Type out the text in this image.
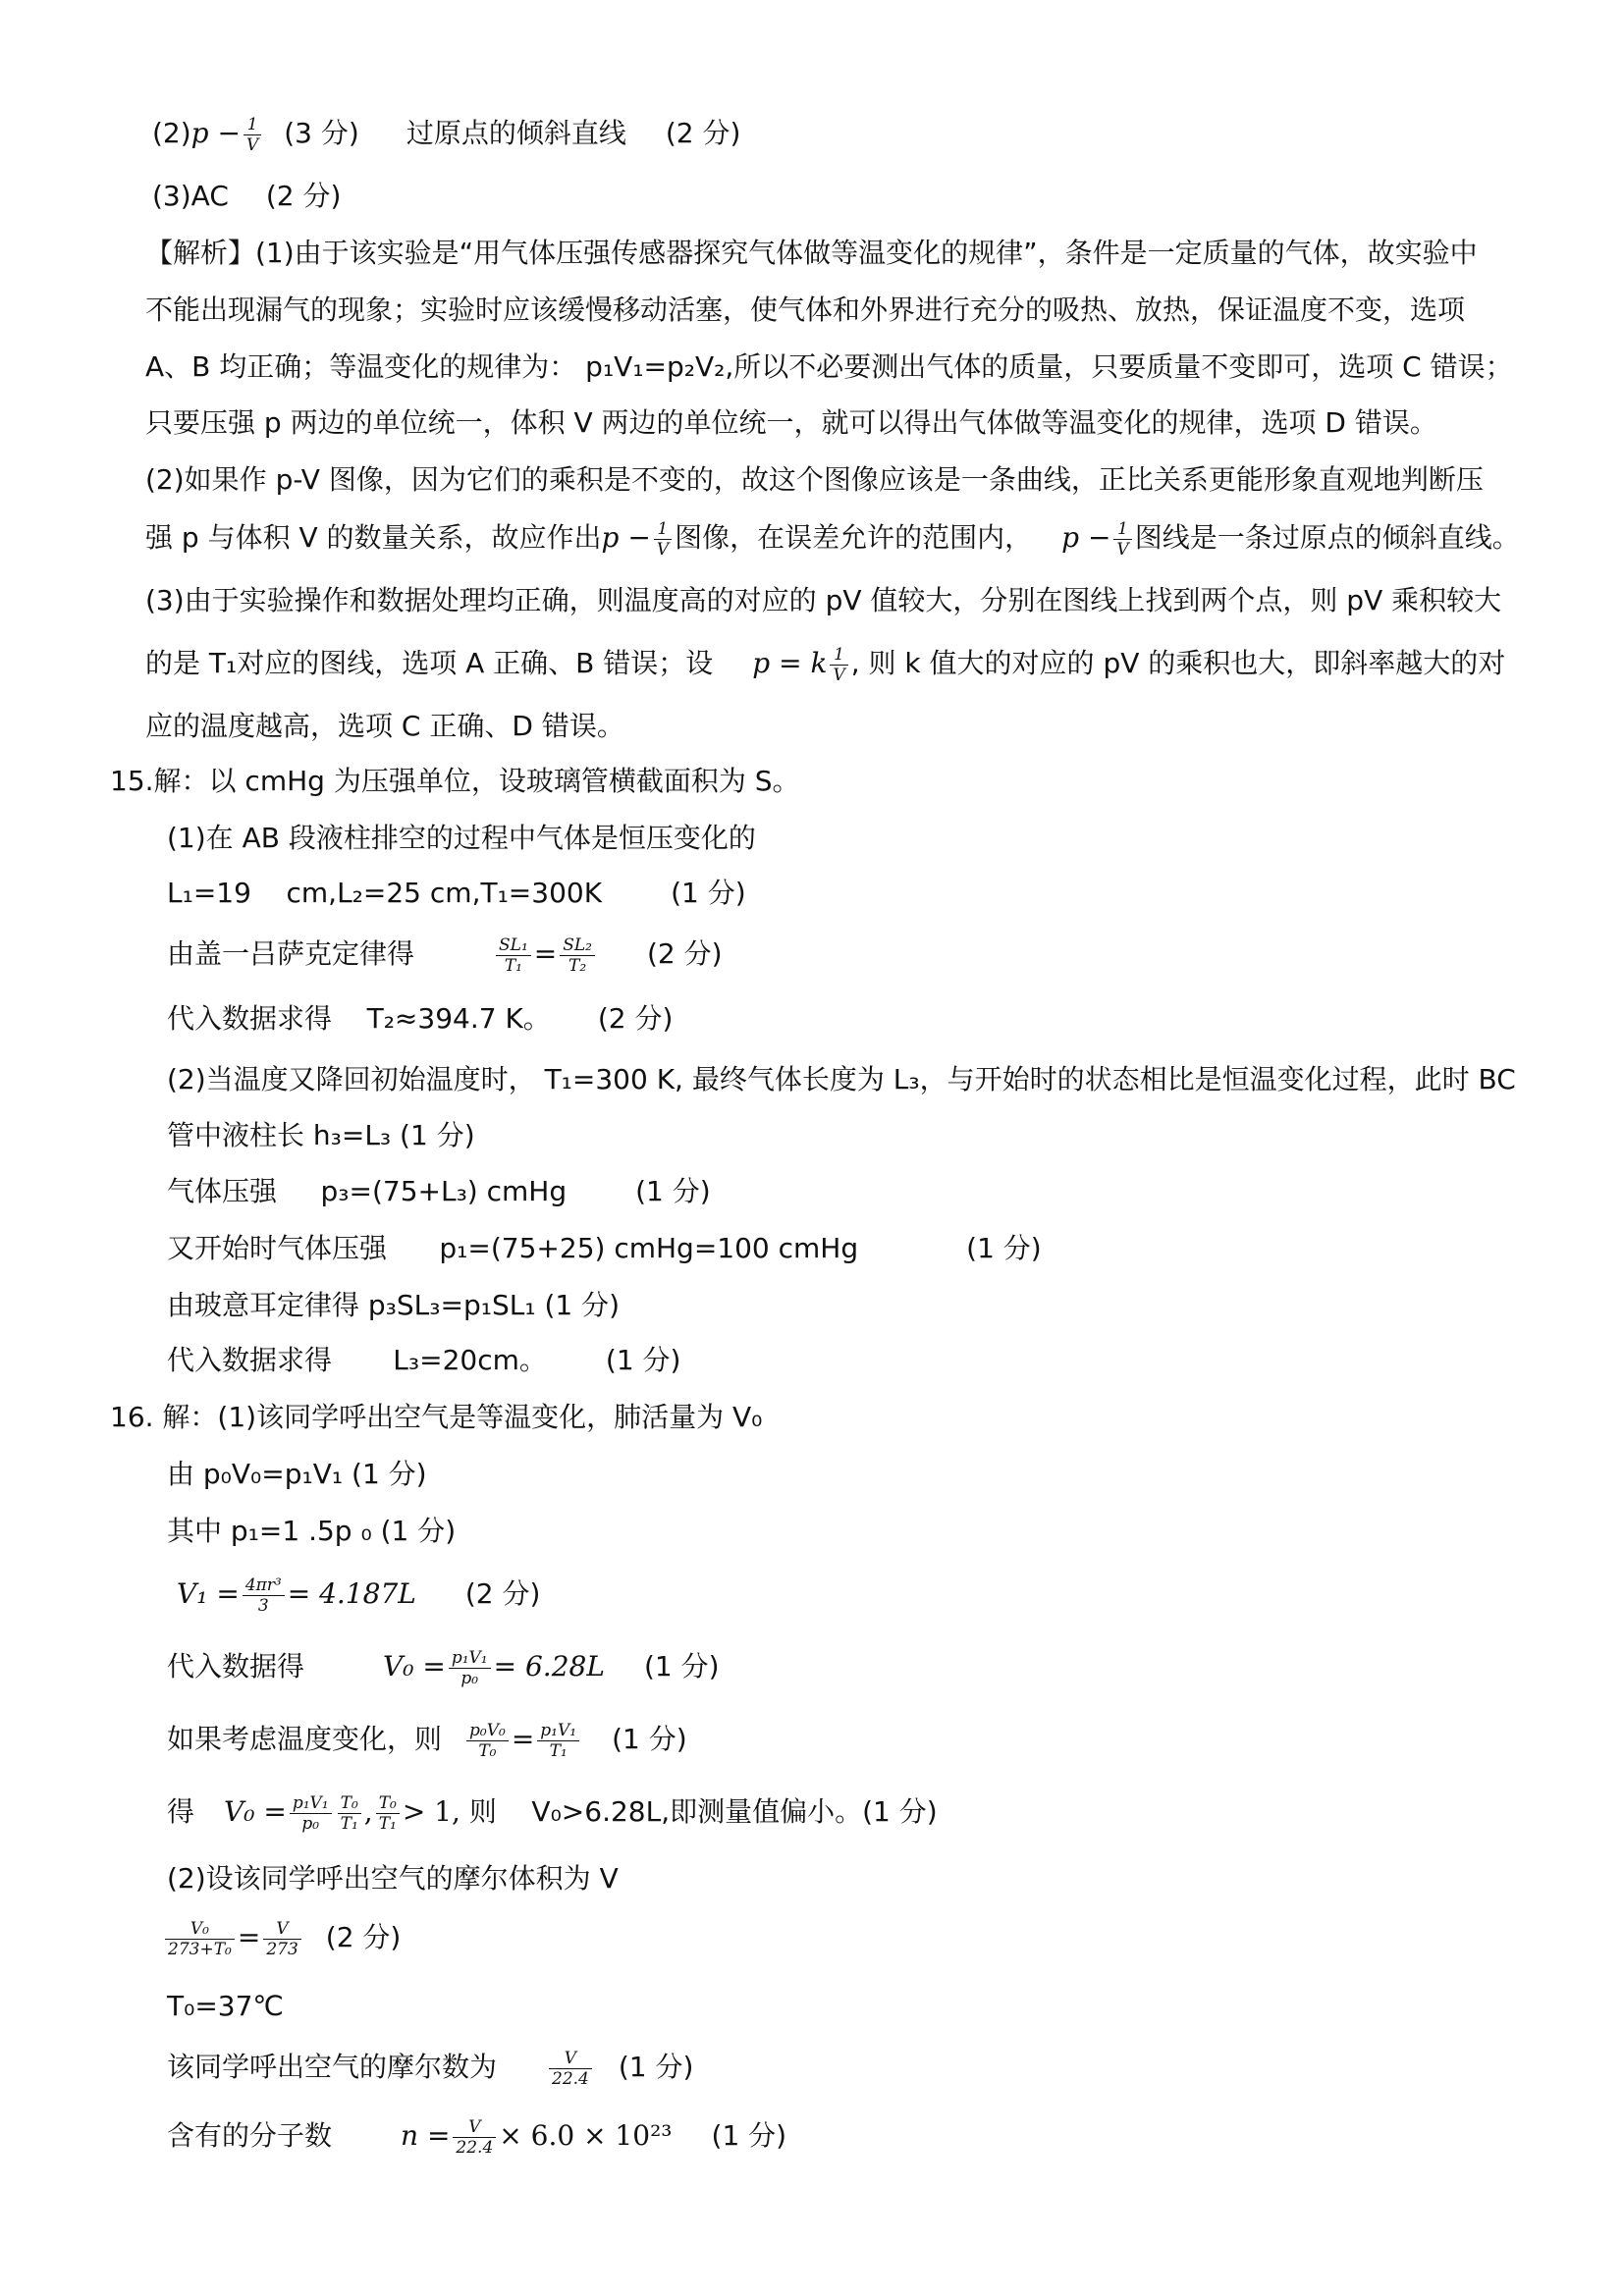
$(2)p - \frac{1}{V} (3$ 分) 过原点的倾斜直线 (2 分)
(3)AC (2 分)
【解析】(1)由于该实验是“用气体压强传感器探究气体做等温变化的规律”，条件是一定质量的气体，故实验中
不能出现漏气的现象；实验时应该缓慢移动活塞，使气体和外界进行充分的吸热、放热，保证温度不变，选项
A、B 均正确；等温变化的规律为： p₁V₁=p₂V₂,所以不必要测出气体的质量，只要质量不变即可，选项 C 错误；
只要压强 p 两边的单位统一，体积 V 两边的单位统一，就可以得出气体做等温变化的规律，选项 D 错误。
(2)如果作 p-V 图像，因为它们的乘积是不变的，故这个图像应该是一条曲线，正比关系更能形象直观地判断压
强 p 与体积 V 的数量关系，故应作出$p - \frac{1}{V}$ 图像，在误差允许的范围内， $p - \frac{1}{V}$ 图线是一条过原点的倾斜直线。
(3)由于实验操作和数据处理均正确，则温度高的对应的 pV 值较大，分别在图线上找到两个点，则 pV 乘积较大
的是 T₁对应的图线，选项 A 正确、B 错误；设 p = k $\frac{1}{V}$ , 则 k 值大的对应的 pV 的乘积也大，即斜率越大的对
应的温度越高，选项 C 正确、D 错误。
15.解：以 cmHg 为压强单位，设玻璃管横截面积为 S。
(1)在 AB 段液柱排空的过程中气体是恒压变化的
L₁=19    cm,L₂=25 cm,T₁=300K	(1 分)
由盖一吕萨克定律得	$\frac{\text{SL₁}}{\text{T₁}} = \frac{\text{SL₂}}{\text{T₂}} (2$ 分)
代入数据求得    T₂≈394.7 K。 (2 分)
(2)当温度又降回初始温度时， T₁=300 K, 最终气体长度为 L₃，与开始时的状态相比是恒温变化过程，此时 BC
管中液柱长 h₃=L₃ (1 分)
气体压强     p₃=(75+L₃) cmHg	(1 分)
又开始时气体压强      p₁=(75+25) cmHg=100 cmHg	(1 分)
由玻意耳定律得 p₃SL₃=p₁SL₁ (1 分)
代入数据求得       L₃=20cm。 (1 分)
16. 解：(1)该同学呼出空气是等温变化，肺活量为 V₀
由 p₀V₀=p₁V₁ (1 分)
其中 p₁=1 .5p ₀ (1 分)
$V_1 = \frac{\text{4πr³}}{3} = 4.187L$ (2 分)
代入数据得	$V_0 = \frac{\text{p₁V₁}}{\text{p₀}} = 6.28L$ (1 分)
如果考虑温度变化，则 $\frac{\text{p₀V₀}}{\text{T₀}} = \frac{\text{p₁V₁}}{\text{T₁}} (1$ 分)
得 $V_0 = \frac{\text{p₁V₁}}{\text{p₀}} \frac{\text{T₀}}{\text{T₁}}$ , $\frac{\text{T₀}}{\text{T₁}} > 1$, 则    V₀>6.28L,即测量值偏小。(1 分)
(2)设该同学呼出空气的摩尔体积为 V
$\frac{\text{V₀}}{\text{273+T₀}} = \frac{V}{273} (2$ 分)
T₀=37℃
该同学呼出空气的摩尔数为	$\frac{V}{22.4} (1$ 分)
含有的分子数	$n = \frac{V}{22.4} \times 6.0 \times 10^{23}$ (1 分)
